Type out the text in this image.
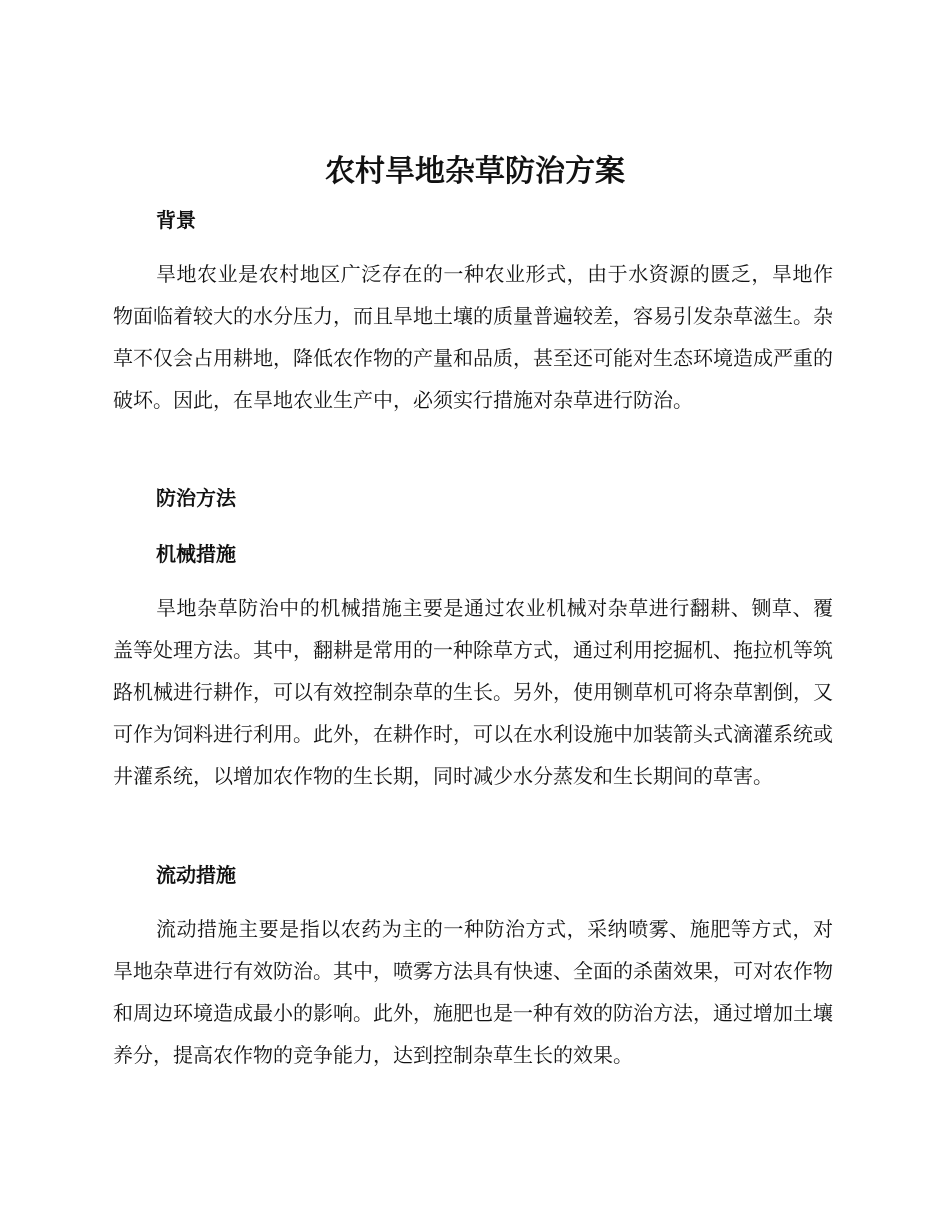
农村旱地杂草防治方案
背景

旱地农业是农村地区广泛存在的一种农业形式，由于水资源的匮乏，旱地作物面临着较大的水分压力，而且旱地土壤的质量普遍较差，容易引发杂草滋生。杂草不仅会占用耕地，降低农作物的产量和品质，甚至还可能对生态环境造成严重的破坏。因此，在旱地农业生产中，必须实行措施对杂草进行防治。

防治方法
机械措施

旱地杂草防治中的机械措施主要是通过农业机械对杂草进行翻耕、铡草、覆盖等处理方法。其中，翻耕是常用的一种除草方式，通过利用挖掘机、拖拉机等筑路机械进行耕作，可以有效控制杂草的生长。另外，使用铡草机可将杂草割倒，又可作为饲料进行利用。此外，在耕作时，可以在水利设施中加装箭头式滴灌系统或井灌系统，以增加农作物的生长期，同时减少水分蒸发和生长期间的草害。

流动措施

流动措施主要是指以农药为主的一种防治方式，采纳喷雾、施肥等方式，对旱地杂草进行有效防治。其中，喷雾方法具有快速、全面的杀菌效果，可对农作物和周边环境造成最小的影响。此外，施肥也是一种有效的防治方法，通过增加土壤养分，提高农作物的竞争能力，达到控制杂草生长的效果。
